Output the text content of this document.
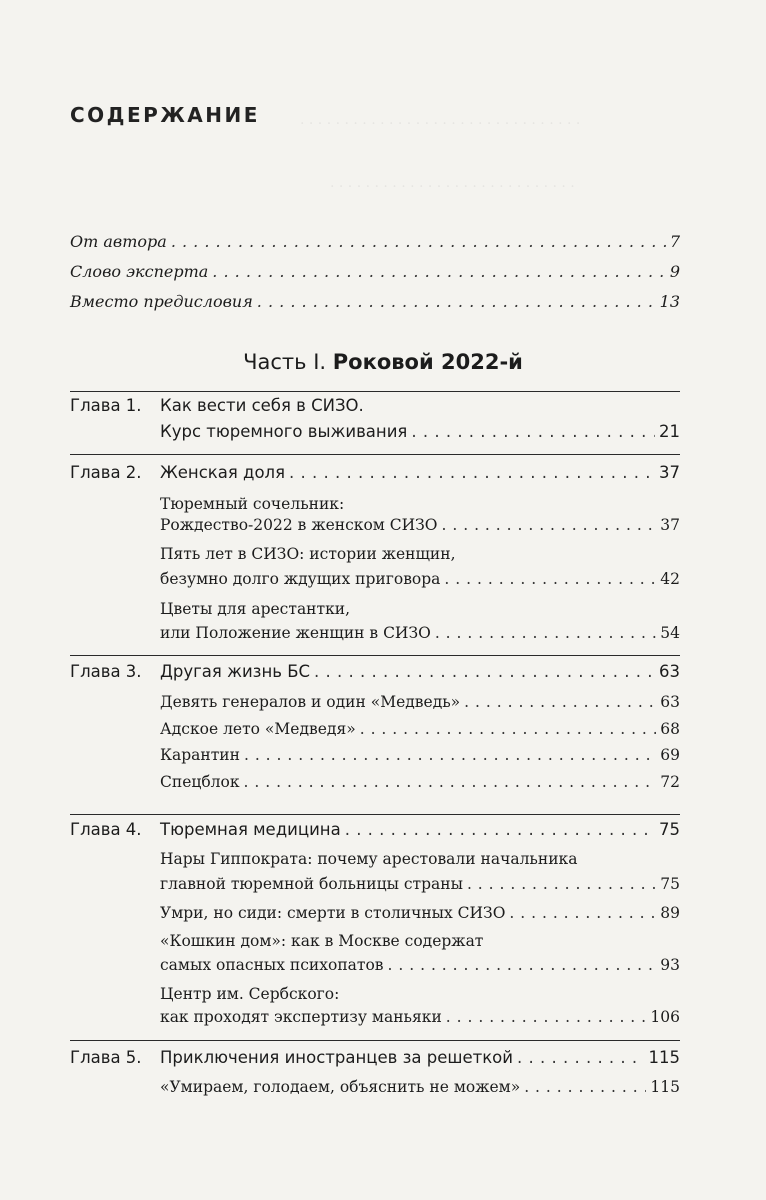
. . . . . . . . . . . . . . . . . . . . . . . . . . . . . . . .
. . . . . . . . . . . . . . . . . . . . . . . . . . . .
СОДЕРЖАНИЕ
От автора . . .	7
Слово эксперта . . .	9
Вместо предисловия . . .	13
Часть I. Роковой 2022-й
Глава 1. Как вести себя в СИЗО.
Курс тюремного выживания . . .	21
Глава 2. Женская доля . . .	37
Тюремный сочельник:
Рождество-2022 в женском СИЗО . . .	37
Пять лет в СИЗО: истории женщин,
безумно долго ждущих приговора . . .	42
Цветы для арестантки,
или Положение женщин в СИЗО . . .	54
Глава 3. Другая жизнь БС . . .	63
Девять генералов и один «Медведь» . . .	63
Адское лето «Медведя» . . .	68
Карантин . . .	69
Спецблок . . .	72
Глава 4. Тюремная медицина . . .	75
Нары Гиппократа: почему арестовали начальника
главной тюремной больницы страны . . .	75
Умри, но сиди: смерти в столичных СИЗО . . .	89
«Кошкин дом»: как в Москве содержат
самых опасных психопатов . . .	93
Центр им. Сербского:
как проходят экспертизу маньяки . . .	106
Глава 5. Приключения иностранцев за решеткой . . .	115
«Умираем, голодаем, объяснить не можем» . . .	115
